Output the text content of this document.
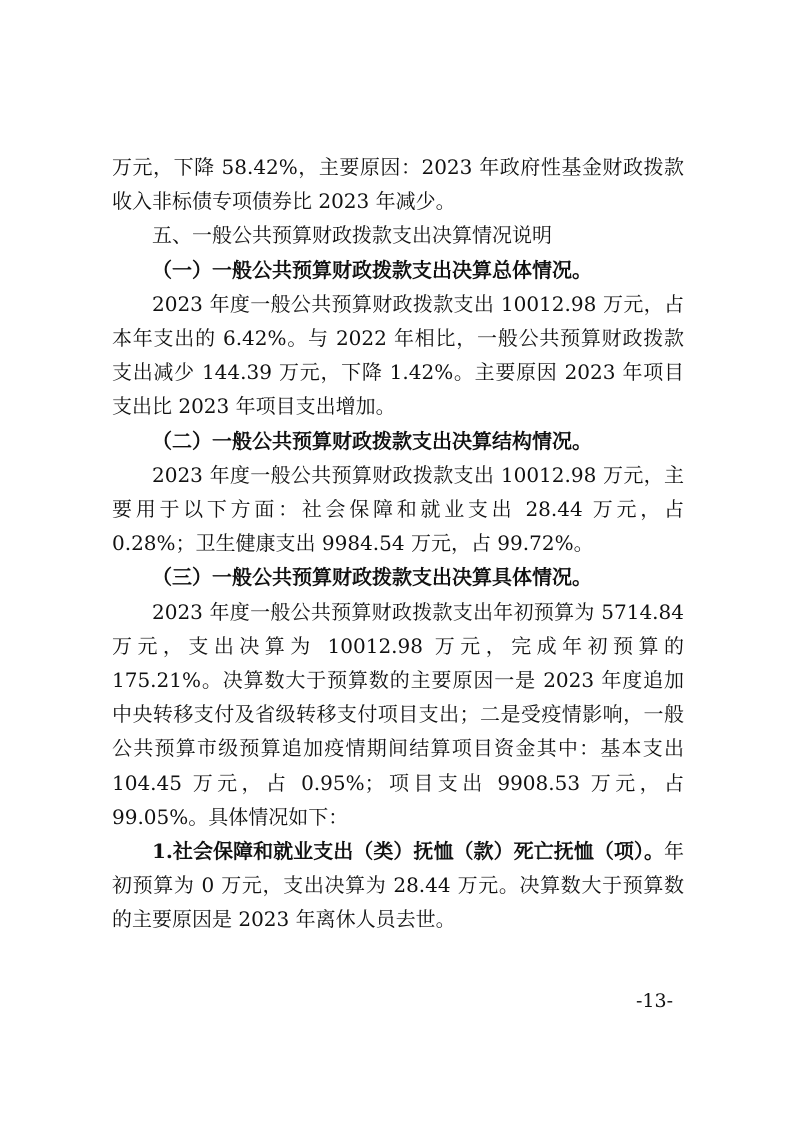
万元，下降 58.42%，主要原因：2023 年政府性基金财政拨款收入非标债专项债券比 2023 年减少。

五、一般公共预算财政拨款支出决算情况说明

（一）一般公共预算财政拨款支出决算总体情况。

2023 年度一般公共预算财政拨款支出 10012.98 万元，占本年支出的 6.42%。与 2022 年相比，一般公共预算财政拨款支出减少 144.39 万元，下降 1.42%。主要原因 2023 年项目支出比 2023 年项目支出增加。

（二）一般公共预算财政拨款支出决算结构情况。

2023 年度一般公共预算财政拨款支出 10012.98 万元，主要用于以下方面：社会保障和就业支出 28.44 万元，占 0.28%；卫生健康支出 9984.54 万元，占 99.72%。

（三）一般公共预算财政拨款支出决算具体情况。

2023 年度一般公共预算财政拨款支出年初预算为 5714.84 万元，支出决算为 10012.98 万元，完成年初预算的 175.21%。决算数大于预算数的主要原因一是 2023 年度追加中央转移支付及省级转移支付项目支出；二是受疫情影响，一般公共预算市级预算追加疫情期间结算项目资金其中：基本支出 104.45 万元，占 0.95%；项目支出 9908.53 万元，占 99.05%。具体情况如下：

1.社会保障和就业支出（类）抚恤（款）死亡抚恤（项）。年初预算为 0 万元，支出决算为 28.44 万元。决算数大于预算数的主要原因是 2023 年离休人员去世。

-13-
